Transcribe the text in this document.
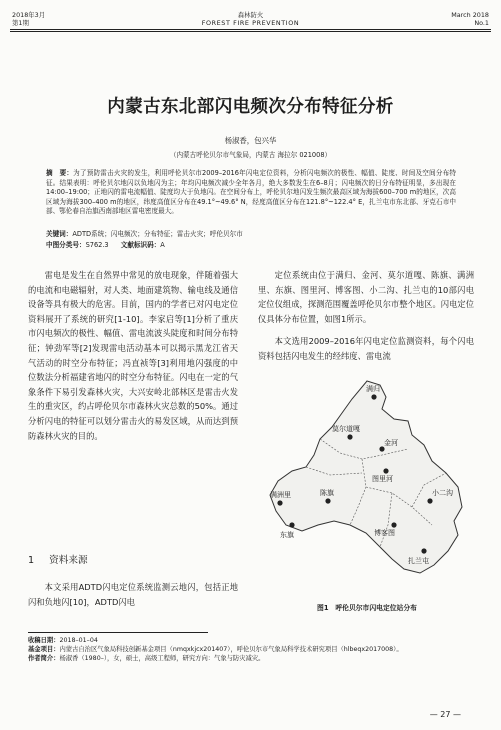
2018年3月
第1期
森林防火
FOREST FIRE PREVENTION
March 2018
No.1
内蒙古东北部闪电频次分布特征分析
杨淑香，包兴华
（内蒙古呼伦贝尔市气象局，内蒙古 海拉尔 021008）
摘　要：为了预防雷击火灾的发生，利用呼伦贝尔市2009–2016年闪电定位资料，分析闪电频次的极性、幅值、陡度、时间及空间分布特征。结果表明：呼伦贝尔地闪以负地闪为主；年均闪电频次减少全年各月，绝大多数发生在6–8月；闪电频次的日分布特征明显，多出现在14:00–19:00；正地闪的雷电流幅值、陡度均大于负地闪。在空间分布上，呼伦贝尔地闪发生频次最高区域为海拔600–700 m的地区，次高区域为海拔300–400 m的地区，纬度高值区分布在49.1°~49.6° N，经度高值区分布在121.8°~122.4° E，扎兰屯市东北部、牙克石市中部、鄂伦春自治旗西南部地区雷电密度最大。
关键词：ADTD系统；闪电频次；分布特征；雷击火灾；呼伦贝尔市
中图分类号：S762.3 文献标识码：A

雷电是发生在自然界中常见的放电现象，伴随着强大的电流和电磁辐射，对人类、地面建筑物、输电线及通信设备等具有极大的危害。目前，国内的学者已对闪电定位资料展开了系统的研究[1-10]。李家启等[1]分析了重庆市闪电频次的极性、幅值、雷电流波头陡度和时间分布特征；钟劲军等[2]发现雷电活动基本可以揭示黑龙江省天气活动的时空分布特征；冯直祯等[3]利用地闪强度的中位数法分析福建省地闪的时空分布特征。闪电在一定的气象条件下易引发森林火灾，大兴安岭北部林区是雷击火发生的重灾区，约占呼伦贝尔市森林火灾总数的50%。通过分析闪电的特征可以划分雷击火的易发区域，从而达到预防森林火灾的目的。

1 资料来源

本文采用ADTD闪电定位系统监测云地闪，包括正地闪和负地闪[10]，ADTD闪电

定位系统由位于满归、金河、莫尔道嘎、陈旗、满洲里、东旗、图里河、博客图、小二沟、扎兰屯的10部闪电定位仪组成，探测范围覆盖呼伦贝尔市整个地区。闪电定位仪具体分布位置，如图1所示。

本文选用2009–2016年闪电定位监测资料，每个闪电资料包括闪电发生的经纬度、雷电流

满归
莫尔道嘎
金河
图里河
陈旗
满洲里
东旗	博客图
小二沟
扎兰屯
图1　呼伦贝尔市闪电定位站分布
收稿日期：2018–01–04
基金项目：内蒙古自治区气象局科技创新基金项目（nmqxkjcx201407），呼伦贝尔市气象局科学技术研究项目（hlbeqx2017008）。
作者简介：杨淑香（1980–），女，硕士，高级工程师，研究方向：气象与防灾减灾。
— 27 —
